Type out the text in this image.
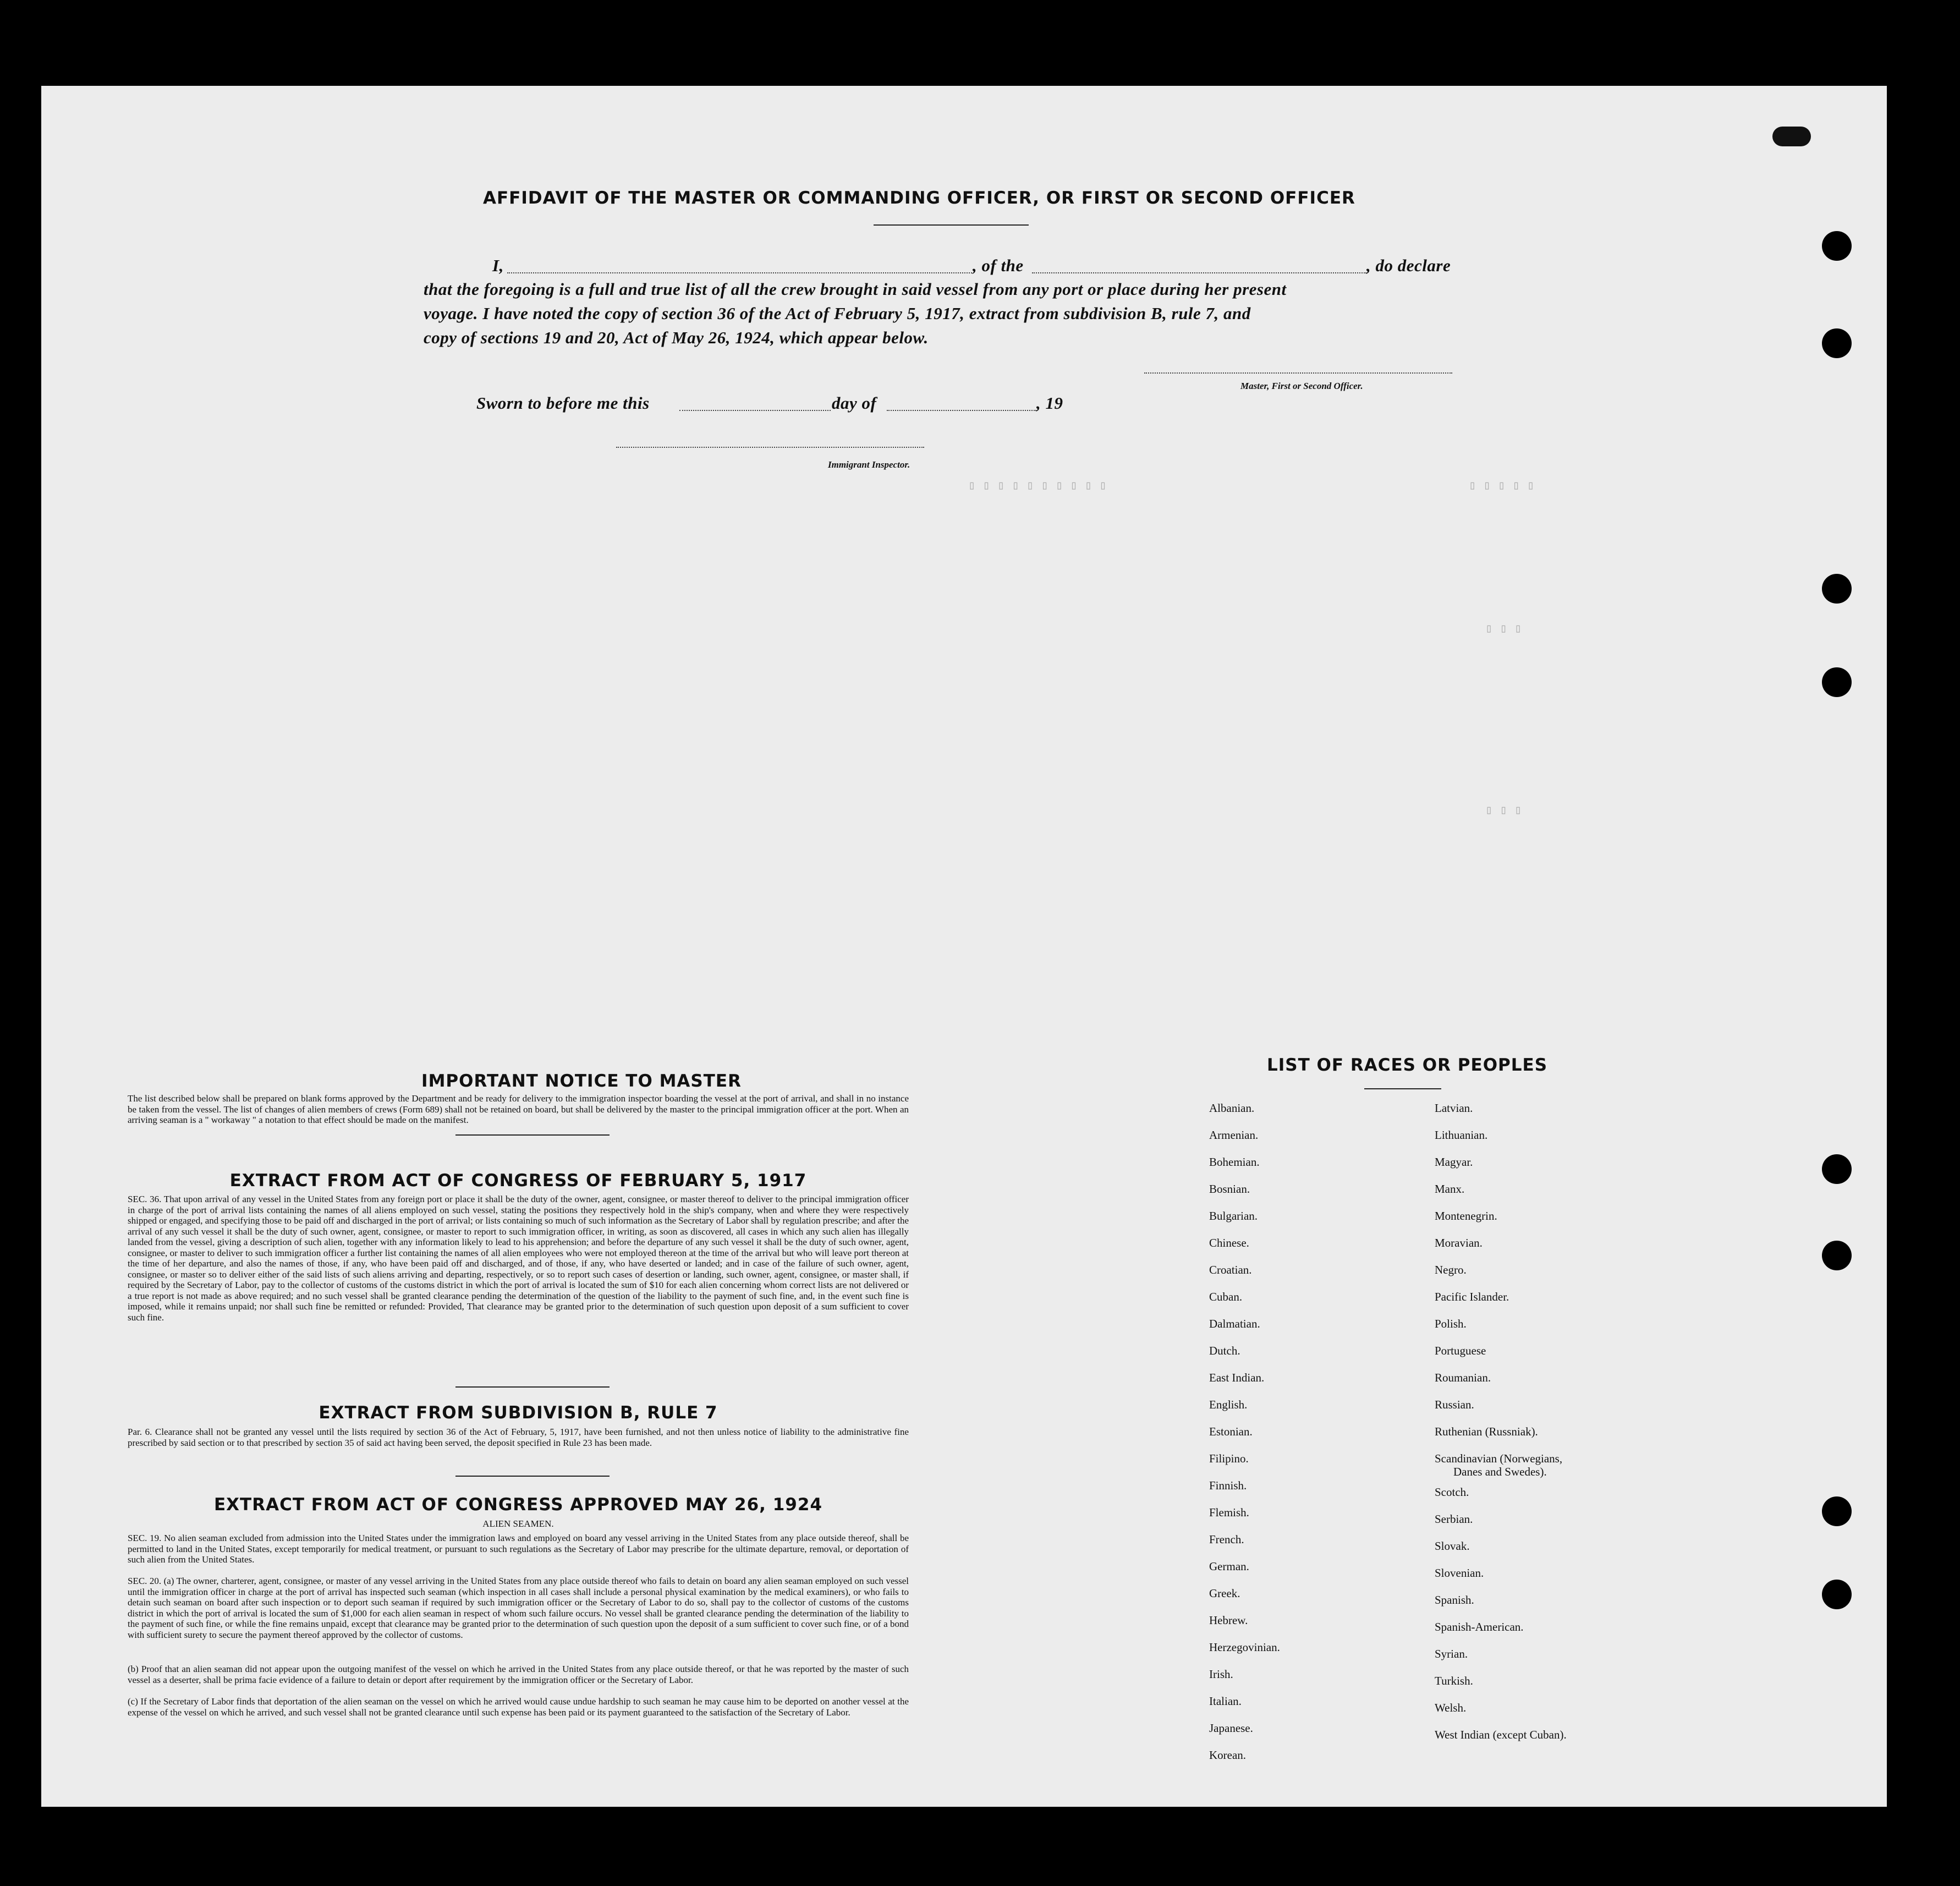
▯ ▯ ▯ ▯ ▯ ▯ ▯ ▯ ▯ ▯	▯ ▯ ▯ ▯ ▯
▯ ▯ ▯
▯ ▯ ▯
AFFIDAVIT OF THE MASTER OR COMMANDING OFFICER, OR FIRST OR SECOND OFFICER
I,	, of the	, do declare
that the foregoing is a full and true list of all the crew brought in said vessel from any port or place during her present
voyage. I have noted the copy of section 36 of the Act of February 5, 1917, extract from subdivision B, rule 7, and
copy of sections 19 and 20, Act of May 26, 1924, which appear below.
Master, First or Second Officer.
Sworn to before me this	day of	, 19
Immigrant Inspector.
IMPORTANT NOTICE TO MASTER
The list described below shall be prepared on blank forms approved by the Department and be ready for delivery to the immigration inspector boarding the vessel at the port of arrival, and shall in no instance be taken from the vessel. The list of changes of alien members of crews (Form 689) shall not be retained on board, but shall be delivered by the master to the principal immigration officer at the port. When an arriving seaman is a " workaway " a notation to that effect should be made on the manifest.
EXTRACT FROM ACT OF CONGRESS OF FEBRUARY 5, 1917
SEC. 36. That upon arrival of any vessel in the United States from any foreign port or place it shall be the duty of the owner, agent, consignee, or master thereof to deliver to the principal immigration officer in charge of the port of arrival lists containing the names of all aliens employed on such vessel, stating the positions they respectively hold in the ship's company, when and where they were respectively shipped or engaged, and specifying those to be paid off and discharged in the port of arrival; or lists containing so much of such information as the Secretary of Labor shall by regulation prescribe; and after the arrival of any such vessel it shall be the duty of such owner, agent, consignee, or master to report to such immigration officer, in writing, as soon as discovered, all cases in which any such alien has illegally landed from the vessel, giving a description of such alien, together with any information likely to lead to his apprehension; and before the departure of any such vessel it shall be the duty of such owner, agent, consignee, or master to deliver to such immigration officer a further list containing the names of all alien employees who were not employed thereon at the time of the arrival but who will leave port thereon at the time of her departure, and also the names of those, if any, who have been paid off and discharged, and of those, if any, who have deserted or landed; and in case of the failure of such owner, agent, consignee, or master so to deliver either of the said lists of such aliens arriving and departing, respectively, or so to report such cases of desertion or landing, such owner, agent, consignee, or master shall, if required by the Secretary of Labor, pay to the collector of customs of the customs district in which the port of arrival is located the sum of $10 for each alien concerning whom correct lists are not delivered or a true report is not made as above required; and no such vessel shall be granted clearance pending the determination of the question of the liability to the payment of such fine, and, in the event such fine is imposed, while it remains unpaid; nor shall such fine be remitted or refunded: Provided, That clearance may be granted prior to the determination of such question upon deposit of a sum sufficient to cover such fine.
EXTRACT FROM SUBDIVISION B, RULE 7
Par. 6. Clearance shall not be granted any vessel until the lists required by section 36 of the Act of February, 5, 1917, have been furnished, and not then unless notice of liability to the administrative fine prescribed by said section or to that prescribed by section 35 of said act having been served, the deposit specified in Rule 23 has been made.
EXTRACT FROM ACT OF CONGRESS APPROVED MAY 26, 1924
ALIEN SEAMEN.
SEC. 19. No alien seaman excluded from admission into the United States under the immigration laws and employed on board any vessel arriving in the United States from any place outside thereof, shall be permitted to land in the United States, except temporarily for medical treatment, or pursuant to such regulations as the Secretary of Labor may prescribe for the ultimate departure, removal, or deportation of such alien from the United States.
SEC. 20. (a) The owner, charterer, agent, consignee, or master of any vessel arriving in the United States from any place outside thereof who fails to detain on board any alien seaman employed on such vessel until the immigration officer in charge at the port of arrival has inspected such seaman (which inspection in all cases shall include a personal physical examination by the medical examiners), or who fails to detain such seaman on board after such inspection or to deport such seaman if required by such immigration officer or the Secretary of Labor to do so, shall pay to the collector of customs of the customs district in which the port of arrival is located the sum of $1,000 for each alien seaman in respect of whom such failure occurs. No vessel shall be granted clearance pending the determination of the liability to the payment of such fine, or while the fine remains unpaid, except that clearance may be granted prior to the determination of such question upon the deposit of a sum sufficient to cover such fine, or of a bond with sufficient surety to secure the payment thereof approved by the collector of customs.
(b) Proof that an alien seaman did not appear upon the outgoing manifest of the vessel on which he arrived in the United States from any place outside thereof, or that he was reported by the master of such vessel as a deserter, shall be prima facie evidence of a failure to detain or deport after requirement by the immigration officer or the Secretary of Labor.
(c) If the Secretary of Labor finds that deportation of the alien seaman on the vessel on which he arrived would cause undue hardship to such seaman he may cause him to be deported on another vessel at the expense of the vessel on which he arrived, and such vessel shall not be granted clearance until such expense has been paid or its payment guaranteed to the satisfaction of the Secretary of Labor.
LIST OF RACES OR PEOPLES
Albanian.
Armenian.
Bohemian.
Bosnian.
Bulgarian.
Chinese.
Croatian.
Cuban.
Dalmatian.
Dutch.
East Indian.
English.
Estonian.
Filipino.
Finnish.
Flemish.
French.
German.
Greek.
Hebrew.
Herzegovinian.
Irish.
Italian.
Japanese.
Korean.
Latvian.
Lithuanian.
Magyar.
Manx.
Montenegrin.
Moravian.
Negro.
Pacific Islander.
Polish.
Portuguese
Roumanian.
Russian.
Ruthenian (Russniak).
Scandinavian (Norwegians,
Danes and Swedes).
Scotch.
Serbian.
Slovak.
Slovenian.
Spanish.
Spanish-American.
Syrian.
Turkish.
Welsh.
West Indian (except Cuban).
